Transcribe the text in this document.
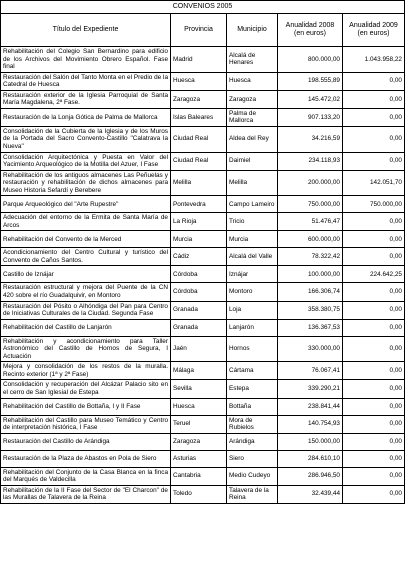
CONVENIOS 2005				
Título del Expediente	Provincia	Municipio	Anualidad 2008 (en euros)	Anualidad 2009 (en euros)
Rehabilitación del Colegio San Bernardino para edificio de los Archivos del Movimiento Obrero Español. Fase final	Madrid	Alcalá de Henares	800.000,00	1.043.958,22
Restauración del Salón del Tanto Monta en el Predio de la Catedral de Huesca	Huesca	Huesca	198.555,89	0,00
Restauración exterior de la Iglesia Parroquial de Santa María Magdalena, 2ª Fase.	Zaragoza	Zaragoza	145.472,02	0,00
Restauración de la Lonja Gótica de Palma de Mallorca	Islas Baleares	Palma de Mallorca	907.133,20	0,00
Consolidación de la Cubierta de la Iglesia y de los Muros de la Portada del Sacro Convento-Castillo "Calatrava la Nueva"	Ciudad Real	Aldea del Rey	34.216,59	0,00
Consolidación Arquitectónica y Puesta en Valor del Yacimiento Arqueológico de la Motilla del Azuer, I Fase	Ciudad Real	Daimiel	234.118,93	0,00
Rehabilitación de los antiguos almacenes Las Peñuelas y restauración y rehabilitación de dichos almacenes para Museo Historia Sefardí y Berebere	Melilla	Melilla	200.000,00	142.051,70
Parque Arqueológico del "Arte Rupestre"	Pontevedra	Campo Lameiro	750.000,00	750.000,00
Adecuación del entorno de la Ermita de Santa María de Arcos	La Rioja	Tricio	51.476,47	0,00
Rehabilitación del Convento de la Merced	Murcia	Murcia	600.000,00	0,00
Acondicionamiento del Centro Cultural y turístico del Convento de Caños Santos.	Cádiz	Alcalá del Valle	78.322,42	0,00
Castillo de Iznájar	Córdoba	Iznájar	100.000,00	224.642,25
Restauración estructural y mejora del Puente de la CN 420 sobre el río Guadalquivir, en Montoro	Córdoba	Montoro	166.306,74	0,00
Restauración del Pósito o Alhóndiga del Pan para Centro de Iniciativas Culturales de la Ciudad. Segunda Fase	Granada	Loja	358.380,75	0,00
Rehabilitación del Castillo de Lanjarón	Granada	Lanjarón	136.367,53	0,00
Rehabilitación y acondicionamiento para Taller Astronómico del Castillo de Hornos de Segura, I Actuación	Jaén	Hornos	330.000,00	0,00
Mejora y consolidación de los restos de la muralla. Recinto exterior (1ª y 2ª Fase)	Málaga	Cártama	76.067,41	0,00
Consolidación y recuperación del Alcázar Palacio sito en el cerro de San Iglesial de Estepa	Sevilla	Estepa	339.290,21	0,00
Rehabilitación del Castillo de Bottaña, I y II Fase	Huesca	Bottaña	238.841,44	0,00
Rehabilitación del Castillo para Museo Temático y Centro de interpretación histórica, I Fase	Teruel	Mora de Rubielos	140.754,93	0,00
Restauración del Castillo de Arándiga	Zaragoza	Arándiga	150.000,00	0,00
Restauración de la Plaza de Abastos en Pola de Siero	Asturias	Siero	284.610,10	0,00
Rehabilitación del Conjunto de la Casa Blanca en la finca del Marqués de Valdecilla	Cantabria	Medio Cudeyo	286.946,50	0,00
Rehabilitación de la II Fase del Sector de "El Charcon" de las Murallas de Talavera de la Reina	Toledo	Talavera de la Reina	32.439,44	0,00
